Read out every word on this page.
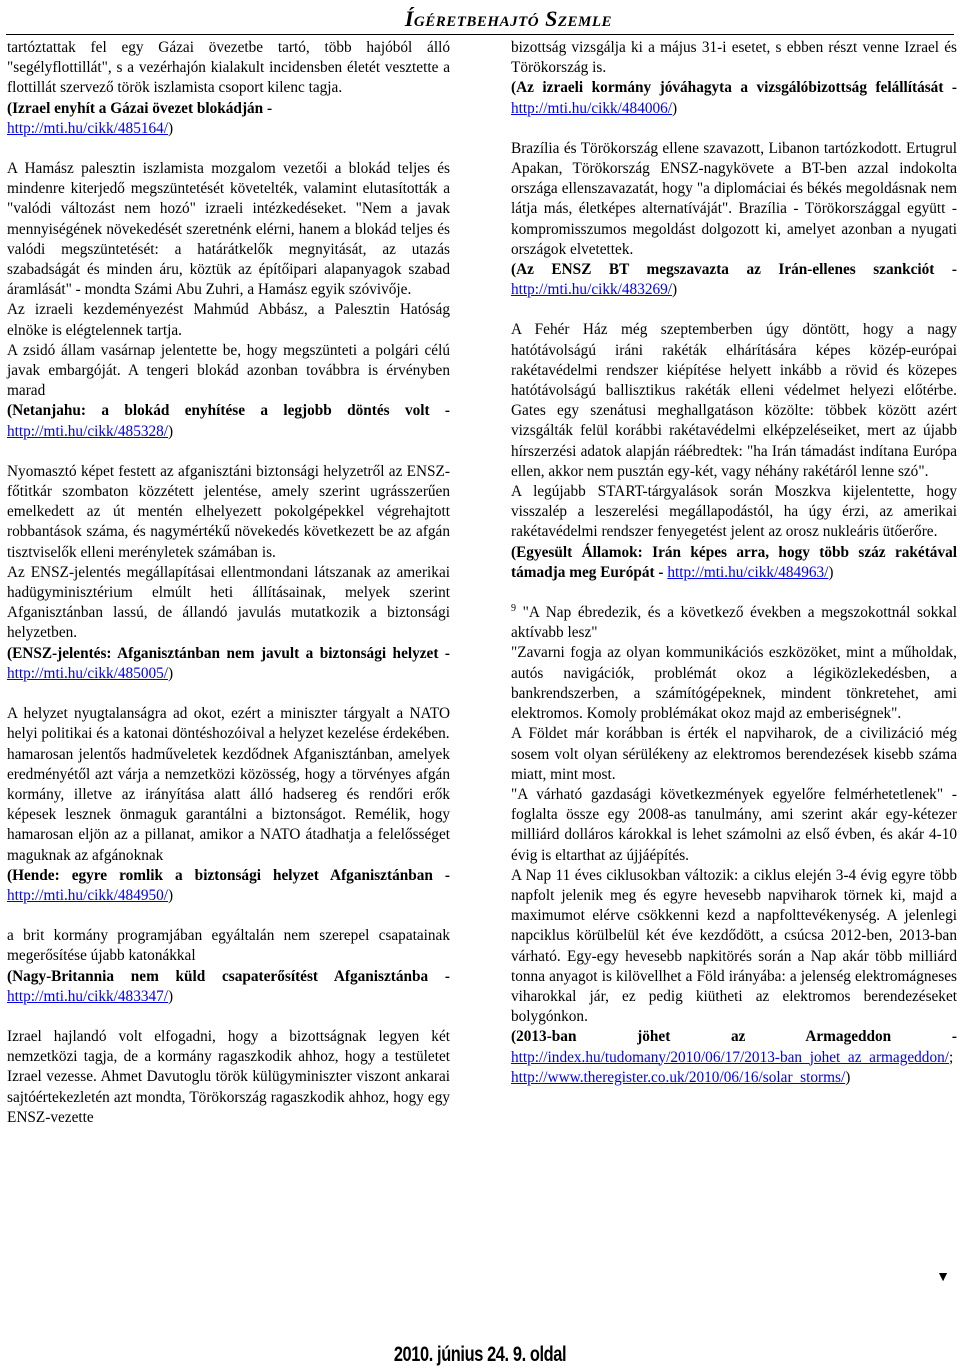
Ígéretbehajtó Szemle

tartóztattak fel egy Gázai övezetbe tartó, több hajóból álló "segélyflottillát", s a vezérhajón kialakult incidensben életét vesztette a flottillát szervező török iszlamista csoport kilenc tagja.

(Izrael enyhít a Gázai övezet blokádján -
http://mti.hu/cikk/485164/)

A Hamász palesztin iszlamista mozgalom vezetői a blokád teljes és mindenre kiterjedő megszüntetését követelték, valamint elutasították a "valódi változást nem hozó" izraeli intézkedéseket. "Nem a javak mennyiségének növekedését szeretnénk elérni, hanem a blokád teljes és valódi megszüntetését: a határátkelők megnyitását, az utazás szabadságát és minden áru, köztük az építőipari alapanyagok szabad áramlását" - mondta Számi Abu Zuhri, a Hamász egyik szóvivője.

Az izraeli kezdeményezést Mahmúd Abbász, a Palesztin Hatóság elnöke is elégtelennek tartja.

A zsidó állam vasárnap jelentette be, hogy megszünteti a polgári célú javak embargóját. A tengeri blokád azonban továbbra is érvényben marad

(Netanjahu: a blokád enyhítése a legjobb döntés volt - http://mti.hu/cikk/485328/)

Nyomasztó képet festett az afganisztáni biztonsági helyzetről az ENSZ-főtitkár szombaton közzétett jelentése, amely szerint ugrásszerűen emelkedett az út mentén elhelyezett pokolgépekkel végrehajtott robbantások száma, és nagymértékű növekedés következett be az afgán tisztviselők elleni merényletek számában is.

Az ENSZ-jelentés megállapításai ellentmondani látszanak az amerikai hadügyminisztérium elmúlt heti állításainak, melyek szerint Afganisztánban lassú, de állandó javulás mutatkozik a biztonsági helyzetben.

(ENSZ-jelentés: Afganisztánban nem javult a biztonsági helyzet - http://mti.hu/cikk/485005/)

A helyzet nyugtalanságra ad okot, ezért a miniszter tárgyalt a NATO helyi politikai és a katonai döntéshozóival a helyzet kezelése érdekében.

hamarosan jelentős hadműveletek kezdődnek Afganisztánban, amelyek eredményétől azt várja a nemzetközi közösség, hogy a törvényes afgán kormány, illetve az irányítása alatt álló hadsereg és rendőri erők képesek lesznek önmaguk garantálni a biztonságot. Remélik, hogy hamarosan eljön az a pillanat, amikor a NATO átadhatja a felelősséget maguknak az afgánoknak

(Hende: egyre romlik a biztonsági helyzet Afganisztánban - http://mti.hu/cikk/484950/)

a brit kormány programjában egyáltalán nem szerepel csapatainak megerősítése újabb katonákkal

(Nagy-Britannia nem küld csapaterősítést Afganisztánba - http://mti.hu/cikk/483347/)

Izrael hajlandó volt elfogadni, hogy a bizottságnak legyen két nemzetközi tagja, de a kormány ragaszkodik ahhoz, hogy a testületet Izrael vezesse. Ahmet Davutoglu török külügyminiszter viszont ankarai sajtóértekezletén azt mondta, Törökország ragaszkodik ahhoz, hogy egy ENSZ-vezette

bizottság vizsgálja ki a május 31-i esetet, s ebben részt venne Izrael és Törökország is.

(Az izraeli kormány jóváhagyta a vizsgálóbizottság felállítását - http://mti.hu/cikk/484006/)

Brazília és Törökország ellene szavazott, Libanon tartózkodott. Ertugrul Apakan, Törökország ENSZ-nagykövete a BT-ben azzal indokolta országa ellenszavazatát, hogy "a diplomáciai és békés megoldásnak nem látja más, életképes alternatíváját". Brazília - Törökországgal együtt - kompromisszumos megoldást dolgozott ki, amelyet azonban a nyugati országok elvetettek.

(Az ENSZ BT megszavazta az Irán-ellenes szankciót - http://mti.hu/cikk/483269/)

A Fehér Ház még szeptemberben úgy döntött, hogy a nagy hatótávolságú iráni rakéták elhárítására képes közép-európai rakétavédelmi rendszer kiépítése helyett inkább a rövid és közepes hatótávolságú ballisztikus rakéták elleni védelmet helyezi előtérbe. Gates egy szenátusi meghallgatáson közölte: többek között azért vizsgálták felül korábbi rakétavédelmi elképzeléseiket, mert az újabb hírszerzési adatok alapján ráébredtek: "ha Irán támadást indítana Európa ellen, akkor nem pusztán egy-két, vagy néhány rakétáról lenne szó".

A legújabb START-tárgyalások során Moszkva kijelentette, hogy visszalép a leszerelési megállapodástól, ha úgy érzi, az amerikai rakétavédelmi rendszer fenyegetést jelent az orosz nukleáris ütőerőre.

(Egyesült Államok: Irán képes arra, hogy több száz rakétával támadja meg Európát - http://mti.hu/cikk/484963/)

$^9$ "A Nap ébredezik, és a következő években a megszokottnál sokkal aktívabb lesz"

"Zavarni fogja az olyan kommunikációs eszközöket, mint a műholdak, autós navigációk, problémát okoz a légiközlekedésben, a bankrendszerben, a számítógépeknek, mindent tönkretehet, ami elektromos. Komoly problémákat okoz majd az emberiségnek".

A Földet már korábban is érték el napviharok, de a civilizáció még sosem volt olyan sérülékeny az elektromos berendezések kisebb száma miatt, mint most.

"A várható gazdasági következmények egyelőre felmérhetetlenek" - foglalta össze egy 2008-as tanulmány, ami szerint akár egy-kétezer milliárd dolláros károkkal is lehet számolni az első évben, és akár 4-10 évig is eltarthat az újjáépítés.

A Nap 11 éves ciklusokban változik: a ciklus elején 3-4 évig egyre több napfolt jelenik meg és egyre hevesebb napviharok törnek ki, majd a maximumot elérve csökkenni kezd a napfolttevékenység. A jelenlegi napciklus körülbelül két éve kezdődött, a csúcsa 2012-ben, 2013-ban várható. Egy-egy hevesebb napkitörés során a Nap akár több milliárd tonna anyagot is kilövellhet a Föld irányába: a jelenség elektromágneses viharokkal jár, ez pedig kiütheti az elektromos berendezéseket bolygónkon.

(2013-ban jöhet az Armageddon - http://index.hu/tudomany/2010/06/17/2013-ban_johet_az_armageddon/; http://www.theregister.co.uk/2010/06/16/solar_storms/)

▼
2010. június 24. 9. oldal
